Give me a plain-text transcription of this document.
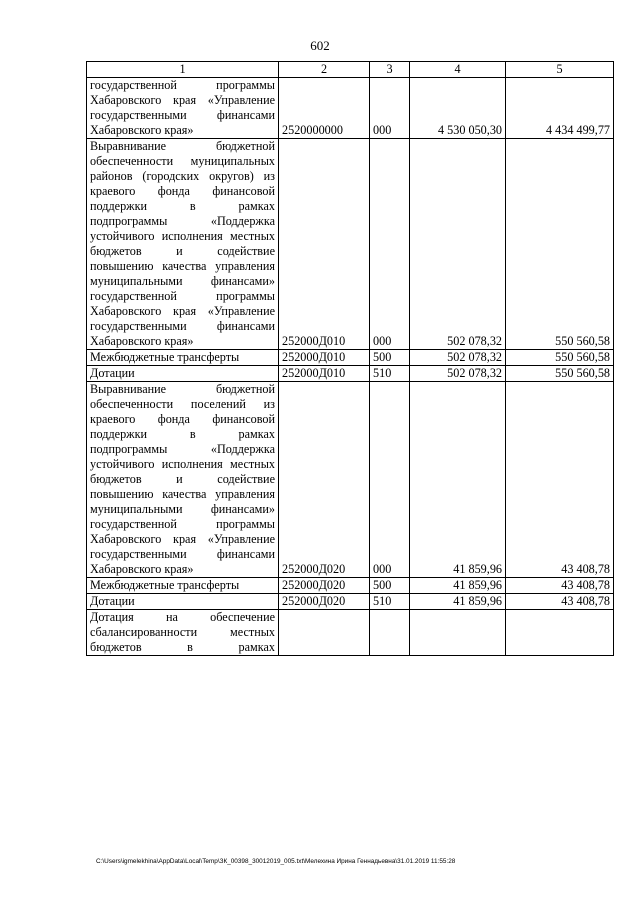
602
1	2	3	4	5
государственной программы Хабаровского края «Управление государственными финансами Хабаровского края»	2520000000	000	4 530 050,30	4 434 499,77
Выравнивание бюджетной обеспеченности муниципальных районов (городских округов) из краевого фонда финансовой поддержки в рамках подпрограммы «Поддержка устойчивого исполнения местных бюджетов и содействие повышению качества управления муниципальными финансами» государственной программы Хабаровского края «Управление государственными финансами Хабаровского края»	252000Д010	000	502 078,32	550 560,58
Межбюджетные трансферты	252000Д010	500	502 078,32	550 560,58
Дотации	252000Д010	510	502 078,32	550 560,58
Выравнивание бюджетной обеспеченности поселений из краевого фонда финансовой поддержки в рамках подпрограммы «Поддержка устойчивого исполнения местных бюджетов и содействие повышению качества управления муниципальными финансами» государственной программы Хабаровского края «Управление государственными финансами Хабаровского края»	252000Д020	000	41 859,96	43 408,78
Межбюджетные трансферты	252000Д020	500	41 859,96	43 408,78
Дотации	252000Д020	510	41 859,96	43 408,78
Дотация на обеспечение сбалансированности местных бюджетов в рамках				
C:\Users\igmelekhina\AppData\Local\Temp\ЗК_00398_30012019_005.txt\Мелехина Ирина Геннадьевна\31.01.2019 11:55:28
